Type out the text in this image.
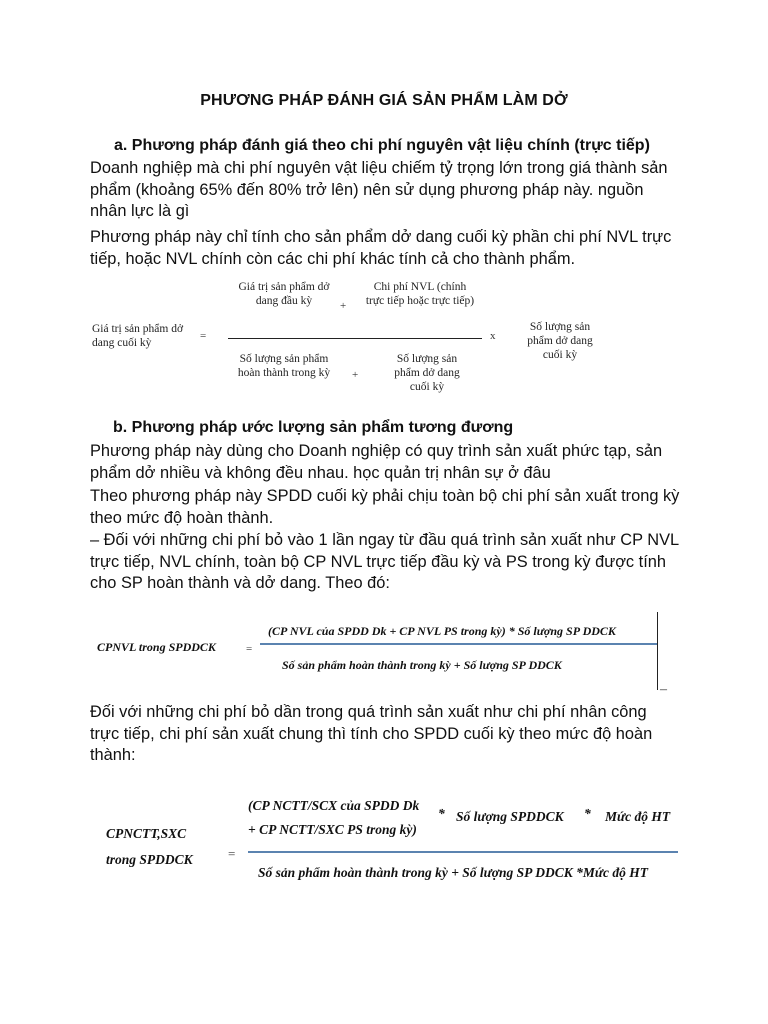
PHƯƠNG PHÁP ĐÁNH GIÁ SẢN PHẨM LÀM DỞ
a. Phương pháp đánh giá theo chi phí nguyên vật liệu chính (trực tiếp)
Doanh nghiệp mà chi phí nguyên vật liệu chiếm tỷ trọng lớn trong giá thành sản phẩm (khoảng 65% đến 80% trở lên) nên sử dụng phương pháp này. nguồn nhân lực là gì
Phương pháp này chỉ tính cho sản phẩm dở dang cuối kỳ phần chi phí NVL trực tiếp, hoặc NVL chính còn các chi phí khác tính cả cho thành phẩm.
Giá trị sản phẩm dở dang cuối kỳ
=
Giá trị sản phẩm dở dang đầu kỳ	+
Chi phí NVL (chính trực tiếp hoặc trực tiếp)
x
Số lượng sản phẩm hoàn thành trong kỳ +
Số lượng sản phẩm dở dang cuối kỳ
Số lượng sản phẩm dở dang cuối kỳ
b. Phương pháp ước lượng sản phẩm tương đương
Phương pháp này dùng cho Doanh nghiệp có quy trình sản xuất phức tạp, sản phẩm dở nhiều và không đều nhau. học quản trị nhân sự ở đâu
Theo phương pháp này SPDD cuối kỳ phải chịu toàn bộ chi phí sản xuất trong kỳ theo mức độ hoàn thành.
– Đối với những chi phí bỏ vào 1 lần ngay từ đầu quá trình sản xuất như CP NVL trực tiếp, NVL chính, toàn bộ CP NVL trực tiếp đầu kỳ và PS trong kỳ được tính cho SP hoàn thành và dở dang. Theo đó:
CPNVL trong SPDDCK	=
(CP NVL của SPDD Dk + CP NVL PS trong kỳ) * Số lượng SP DDCK
Số sản phẩm hoàn thành trong kỳ + Số lượng SP DDCK
–
Đối với những chi phí bỏ dần trong quá trình sản xuất như chi phí nhân công trực tiếp, chi phí sản xuất chung thì tính cho SPDD cuối kỳ theo mức độ hoàn thành:
CPNCTT,SXC
trong SPDDCK	=
(CP NCTT/SCX của SPDD Dk
+ CP NCTT/SXC PS trong kỳ)
* Số lượng SPDDCK * Mức độ HT
Số sản phẩm hoàn thành trong kỳ + Số lượng SP DDCK *Mức độ HT
